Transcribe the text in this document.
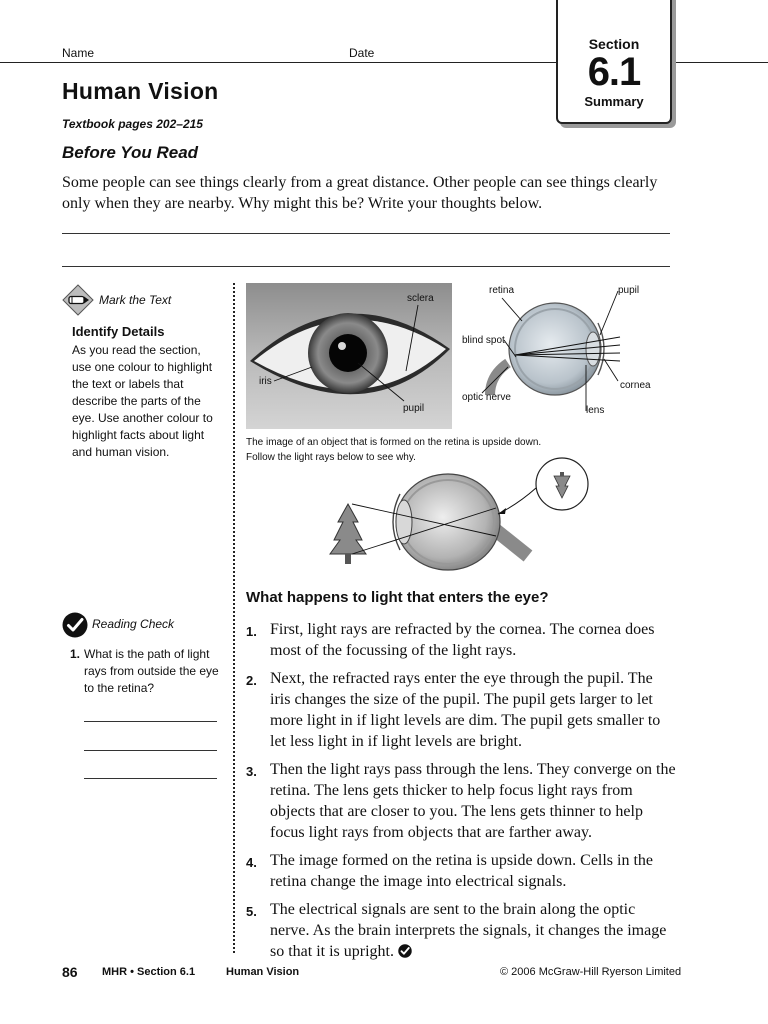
Name	Date
Section
6.1
Summary
Human Vision
Textbook pages 202–215
Before You Read
Some people can see things clearly from a great distance. Other people can see things clearly only when they are nearby. Why might this be? Write your thoughts below.
Mark the Text
Identify Details
As you read the section, use one colour to highlight the text or labels that describe the parts of the eye. Use another colour to highlight facts about light and human vision.
Reading Check
1. What is the path of light rays from outside the eye to the retina?
sclera
iris
pupil
retina	pupil
blind spot
optic nerve
cornea
lens
The image of an object that is formed on the retina is upside down. Follow the light rays below to see why.
What happens to light that enters the eye?
1. First, light rays are refracted by the cornea. The cornea does most of the focussing of the light rays.
2. Next, the refracted rays enter the eye through the pupil. The iris changes the size of the pupil. The pupil gets larger to let more light in if light levels are dim. The pupil gets smaller to let less light in if light levels are bright.
3. Then the light rays pass through the lens. They converge on the retina. The lens gets thicker to help focus light rays from objects that are closer to you. The lens gets thinner to help focus light rays from objects that are farther away.
4. The image formed on the retina is upside down. Cells in the retina change the image into electrical signals.
5. The electrical signals are sent to the brain along the optic nerve. As the brain interprets the signals, it changes the image so that it is upright.
86 MHR • Section 6.1	Human Vision	© 2006 McGraw-Hill Ryerson Limited
